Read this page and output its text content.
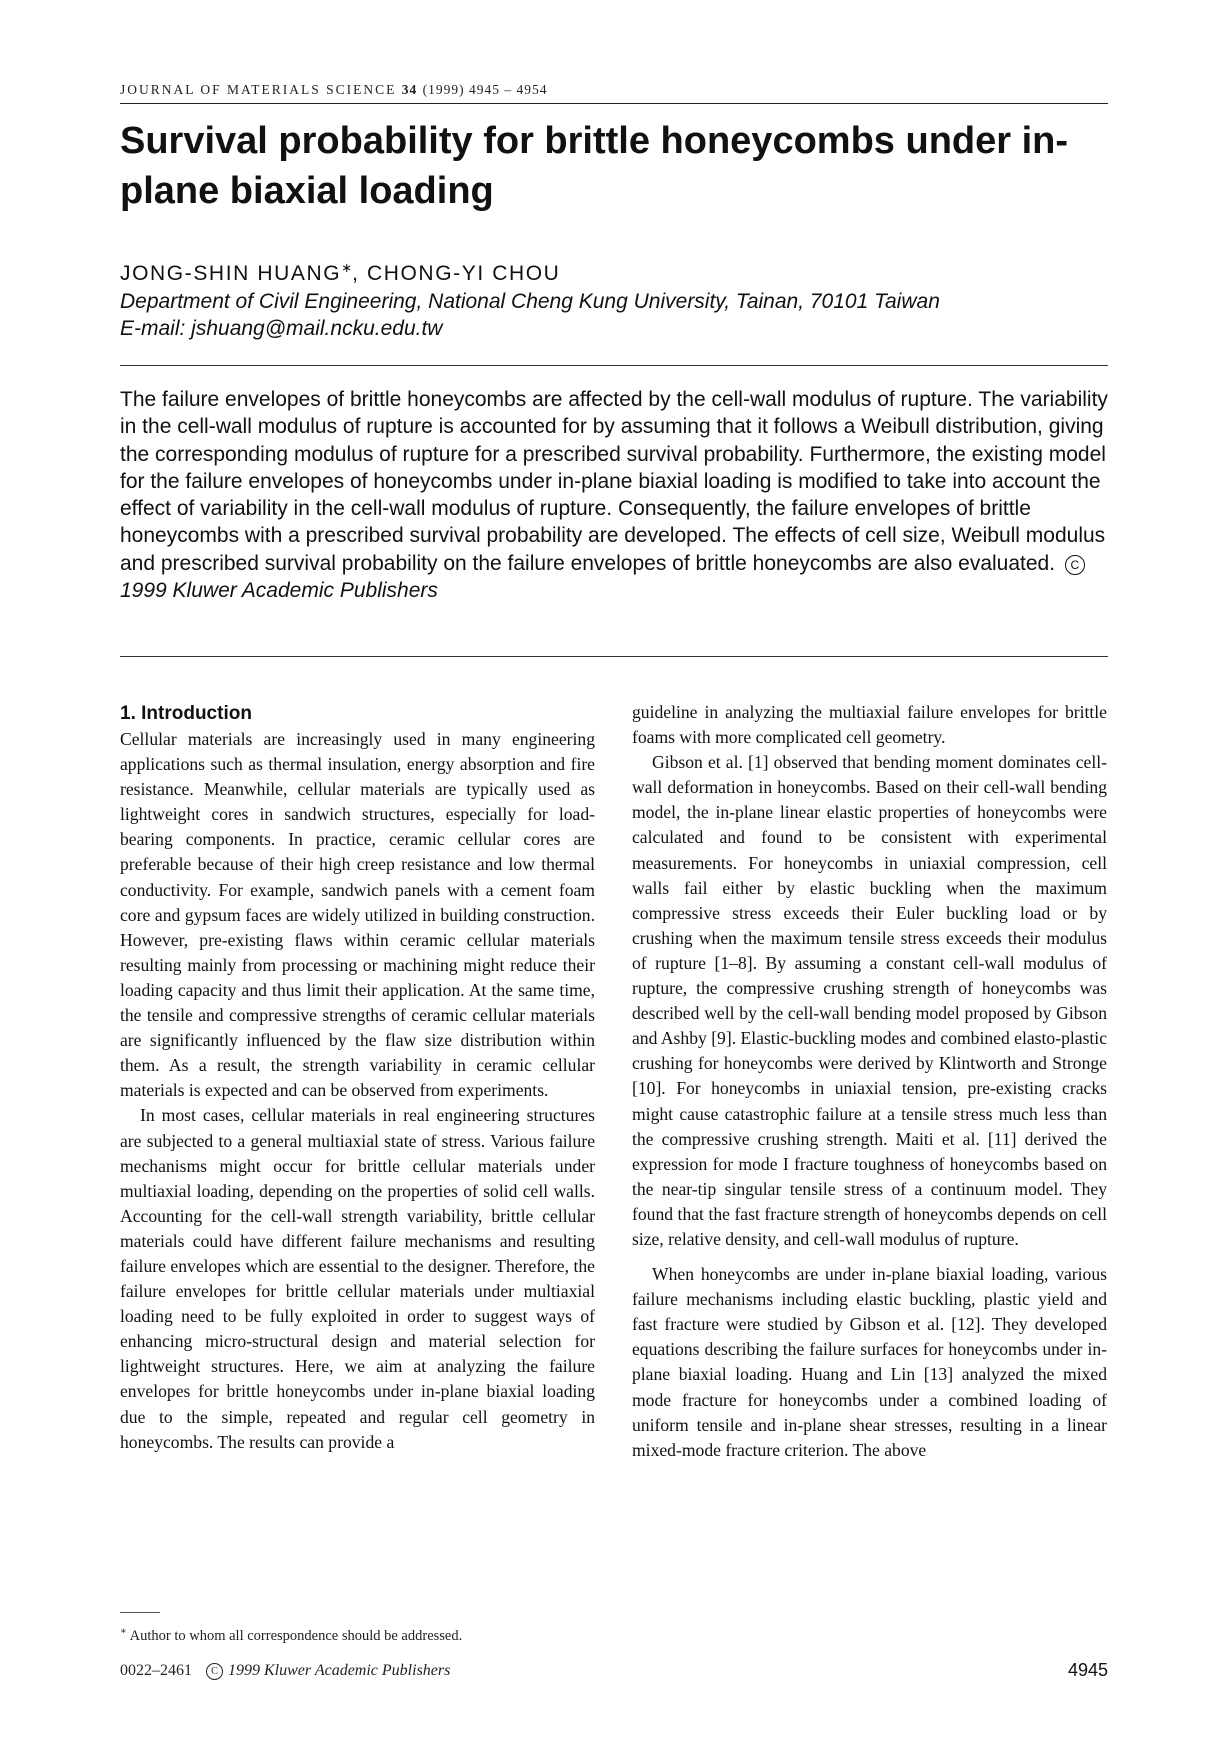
JOURNAL OF MATERIALS SCIENCE 34 (1999) 4945 – 4954
Survival probability for brittle honeycombs under in-plane biaxial loading
JONG-SHIN HUANG∗, CHONG-YI CHOU
Department of Civil Engineering, National Cheng Kung University, Tainan, 70101 Taiwan
E-mail: jshuang@mail.ncku.edu.tw

The failure envelopes of brittle honeycombs are affected by the cell-wall modulus of rupture. The variability in the cell-wall modulus of rupture is accounted for by assuming that it follows a Weibull distribution, giving the corresponding modulus of rupture for a prescribed survival probability. Furthermore, the existing model for the failure envelopes of honeycombs under in-plane biaxial loading is modified to take into account the effect of variability in the cell-wall modulus of rupture. Consequently, the failure envelopes of brittle honeycombs with a prescribed survival probability are developed. The effects of cell size, Weibull modulus and prescribed survival probability on the failure envelopes of brittle honeycombs are also evaluated. C 1999 Kluwer Academic Publishers

1. Introduction

Cellular materials are increasingly used in many engineering applications such as thermal insulation, energy absorption and fire resistance. Meanwhile, cellular materials are typically used as lightweight cores in sandwich structures, especially for load-bearing components. In practice, ceramic cellular cores are preferable because of their high creep resistance and low thermal conductivity. For example, sandwich panels with a cement foam core and gypsum faces are widely utilized in building construction. However, pre-existing flaws within ceramic cellular materials resulting mainly from processing or machining might reduce their loading capacity and thus limit their application. At the same time, the tensile and compressive strengths of ceramic cellular materials are significantly influenced by the flaw size distribution within them. As a result, the strength variability in ceramic cellular materials is expected and can be observed from experiments.

In most cases, cellular materials in real engineering structures are subjected to a general multiaxial state of stress. Various failure mechanisms might occur for brittle cellular materials under multiaxial loading, depending on the properties of solid cell walls. Accounting for the cell-wall strength variability, brittle cellular materials could have different failure mechanisms and resulting failure envelopes which are essential to the designer. Therefore, the failure envelopes for brittle cellular materials under multiaxial loading need to be fully exploited in order to suggest ways of enhancing micro-structural design and material selection for lightweight structures. Here, we aim at analyzing the failure envelopes for brittle honeycombs under in-plane biaxial loading due to the simple, repeated and regular cell geometry in honeycombs. The results can provide a

guideline in analyzing the multiaxial failure envelopes for brittle foams with more complicated cell geometry.

Gibson et al. [1] observed that bending moment dominates cell-wall deformation in honeycombs. Based on their cell-wall bending model, the in-plane linear elastic properties of honeycombs were calculated and found to be consistent with experimental measurements. For honeycombs in uniaxial compression, cell walls fail either by elastic buckling when the maximum compressive stress exceeds their Euler buckling load or by crushing when the maximum tensile stress exceeds their modulus of rupture [1–8]. By assuming a constant cell-wall modulus of rupture, the compressive crushing strength of honeycombs was described well by the cell-wall bending model proposed by Gibson and Ashby [9]. Elastic-buckling modes and combined elasto-plastic crushing for honeycombs were derived by Klintworth and Stronge [10]. For honeycombs in uniaxial tension, pre-existing cracks might cause catastrophic failure at a tensile stress much less than the compressive crushing strength. Maiti et al. [11] derived the expression for mode I fracture toughness of honeycombs based on the near-tip singular tensile stress of a continuum model. They found that the fast fracture strength of honeycombs depends on cell size, relative density, and cell-wall modulus of rupture.

When honeycombs are under in-plane biaxial loading, various failure mechanisms including elastic buckling, plastic yield and fast fracture were studied by Gibson et al. [12]. They developed equations describing the failure surfaces for honeycombs under in-plane biaxial loading. Huang and Lin [13] analyzed the mixed mode fracture for honeycombs under a combined loading of uniform tensile and in-plane shear stresses, resulting in a linear mixed-mode fracture criterion. The above

∗ Author to whom all correspondence should be addressed.
0022–2461 C 1999 Kluwer Academic Publishers	4945
